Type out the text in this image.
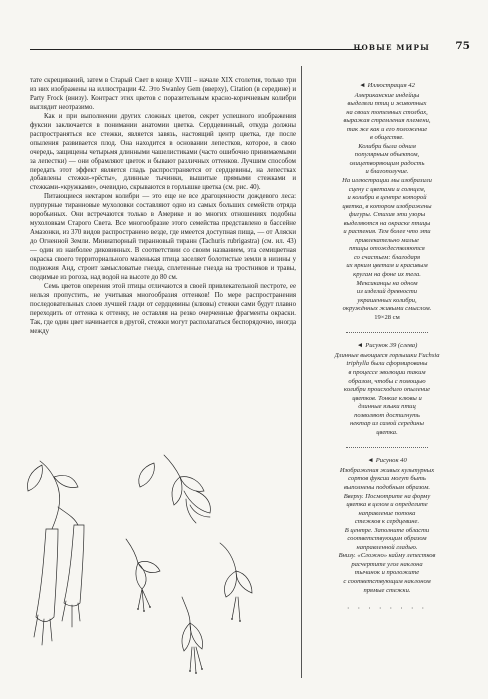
НОВЫЕ МИРЫ 75

тате скрещиваний, затем в Старый Свет в конце XVIII – начале XIX столетия, только три из них изображены на иллюстрации 42. Это Swanley Gem (вверху), Citation (в середине) и Party Frock (внизу). Контраст этих цветов с поразительным красно-коричневым колибри выглядит неотразимо.

Как и при выполнении других сложных цветов, секрет успешного изображения фуксии заключается в понимании анатомии цветка. Сердцевинный, откуда должны распространяться все стежки, является завязь, настоящий центр цветка, где после опыления развивается плод. Она находится в основании лепестков, которое, в свою очередь, защищены четырьмя длинными чашелистиками (часто ошибочно принимаемыми за лепестки) — они обрамляют цветок и бывают различных оттенков. Лучшим способом передать этот эффект является гладь распространяется от сердцевины, на лепестках добавлены стежки-«рёсты», длинные тычинки, вышитые прямыми стежками и стежками-«кружками», очевидно, скрываются в горлышке цветка (см. рис. 40).

Питающиеся нектаром колибри — это еще не все драгоценности дождевого леса: пурпурные тиранновые мухоловки составляют одно из самых больших семейств отряда воробьиных. Они встречаются только в Америке и во многих отношениях подобны мухоловкам Старого Света. Все многообразие этого семейства представлено в бассейне Амазонки, из 370 видов распространено везде, где имеется доступная пища, — от Аляски до Огненной Земли. Миниатюрный тиранновый тиранн (Tachuris rubrigastra) (см. ил. 43) — один из наиболее диковинных. В соответствии со своим названием, эта семицветная окраска своего территориального маленькая птица заселяет болотистые земли в низины у подножия Анд, строит замысловатые гнезда, сплетенные гнезда на тростников и травы, сводимые из рогоза, над водой на высоте до 80 см.

Семь цветов оперения этой птицы отличаются в своей привлекательной пестроте, ее нельзя пропустить, не учитывая многообразия оттенков! По мере распространения последовательных слоев лучшей глади от сердцевины (клювы) стежки сами будут плавно переходить от оттенка к оттенку, не оставляя на резко очерченные фрагменты окраски. Так, где один цвет начинается в другой, стежки могут располагаться беспорядочно, иногда между

◄ Иллюстрация 42

Американские индейцы
выделяли птиц и животных
на своих тотемных столбах,
выражая стремления племени,
так же как и его положение
в обществе.
Колибри была одним
популярным объектом,
олицетворяющим радость
и благополучие.
На иллюстрации мы изобразили
сцену с цветами и солнцем,
и колибри в центре которой
цветка, в котором изображены
фигуры. Стихия эти узоры
выделяются на окраске птицы
и растения. Тем более что эти
привлекательно малые
птицы отождествляются
со счастьем: благодаря
их ярким цветам и красивым
кругам на фоне их тела.
Мексиканцы на одном
из изделий древности
украшенных колибри,
окружённых живыми смыслом.

19×28 см

◄ Рисунок 39 (слева)

Длинные вьющиеся горлышки Fuchsia
triphylla были сформированы
в процессе эволюции таким
образом, чтобы с помощью
колибри происходило опыление
цветков. Тонкие клювы и
длинные языки птиц
позволяют достигнуть
нектар из самой середины
цветка.

◄ Рисунок 40

Изображения живых культурных
сортов фуксии могут быть
выполнены подобным образом.
Вверху. Посмотрите на форму
цветка в целом и определите
направление потока
стежков к сердцевине.
В центре. Заполните области
соответствующим образом
направленной гладью.
Внизу. «Сложно» кайму лепестков
расчертите угол наклона
тычинок и проложите
с соответствующим наклоном
прямые стежки.

· · · · · · · ·
